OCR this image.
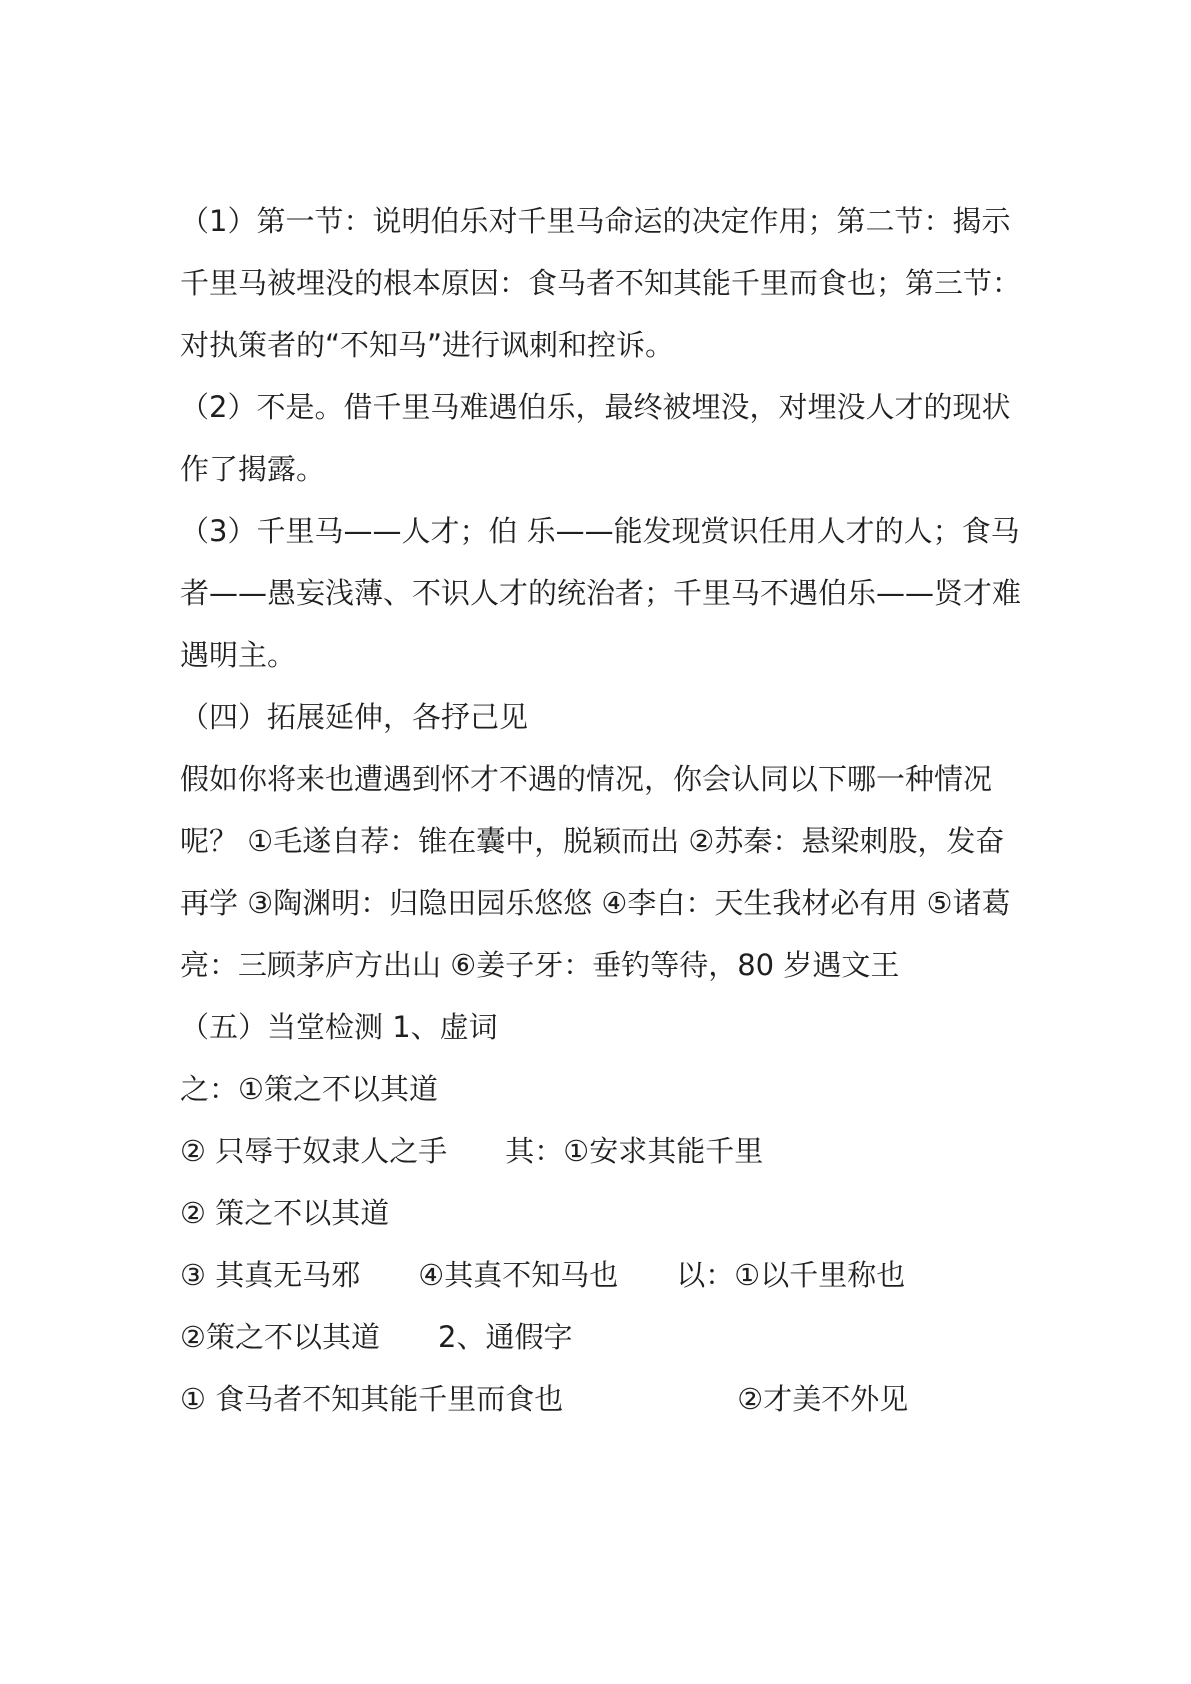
（1）第一节：说明伯乐对千里马命运的决定作用；第二节：揭示千里马被埋没的根本原因：食马者不知其能千里而食也；第三节：对执策者的“不知马”进行讽刺和控诉。

（2）不是。借千里马难遇伯乐，最终被埋没，对埋没人才的现状作了揭露。

（3）千里马——人才；伯 乐——能发现赏识任用人才的人；食马者——愚妄浅薄、不识人才的统治者；千里马不遇伯乐——贤才难遇明主。

（四）拓展延伸，各抒己见

假如你将来也遭遇到怀才不遇的情况，你会认同以下哪一种情况呢？ ①毛遂自荐：锥在囊中，脱颖而出 ②苏秦：悬梁刺股，发奋再学 ③陶渊明：归隐田园乐悠悠 ④李白：天生我材必有用 ⑤诸葛亮：三顾茅庐方出山 ⑥姜子牙：垂钓等待，80 岁遇文王

（五）当堂检测 1、虚词

之：①策之不以其道

② 只辱于奴隶人之手　　其：①安求其能千里

② 策之不以其道

③ 其真无马邪　　④其真不知马也　　以：①以千里称也

②策之不以其道　　2、通假字

① 食马者不知其能千里而食也　　　　　　②才美不外见
